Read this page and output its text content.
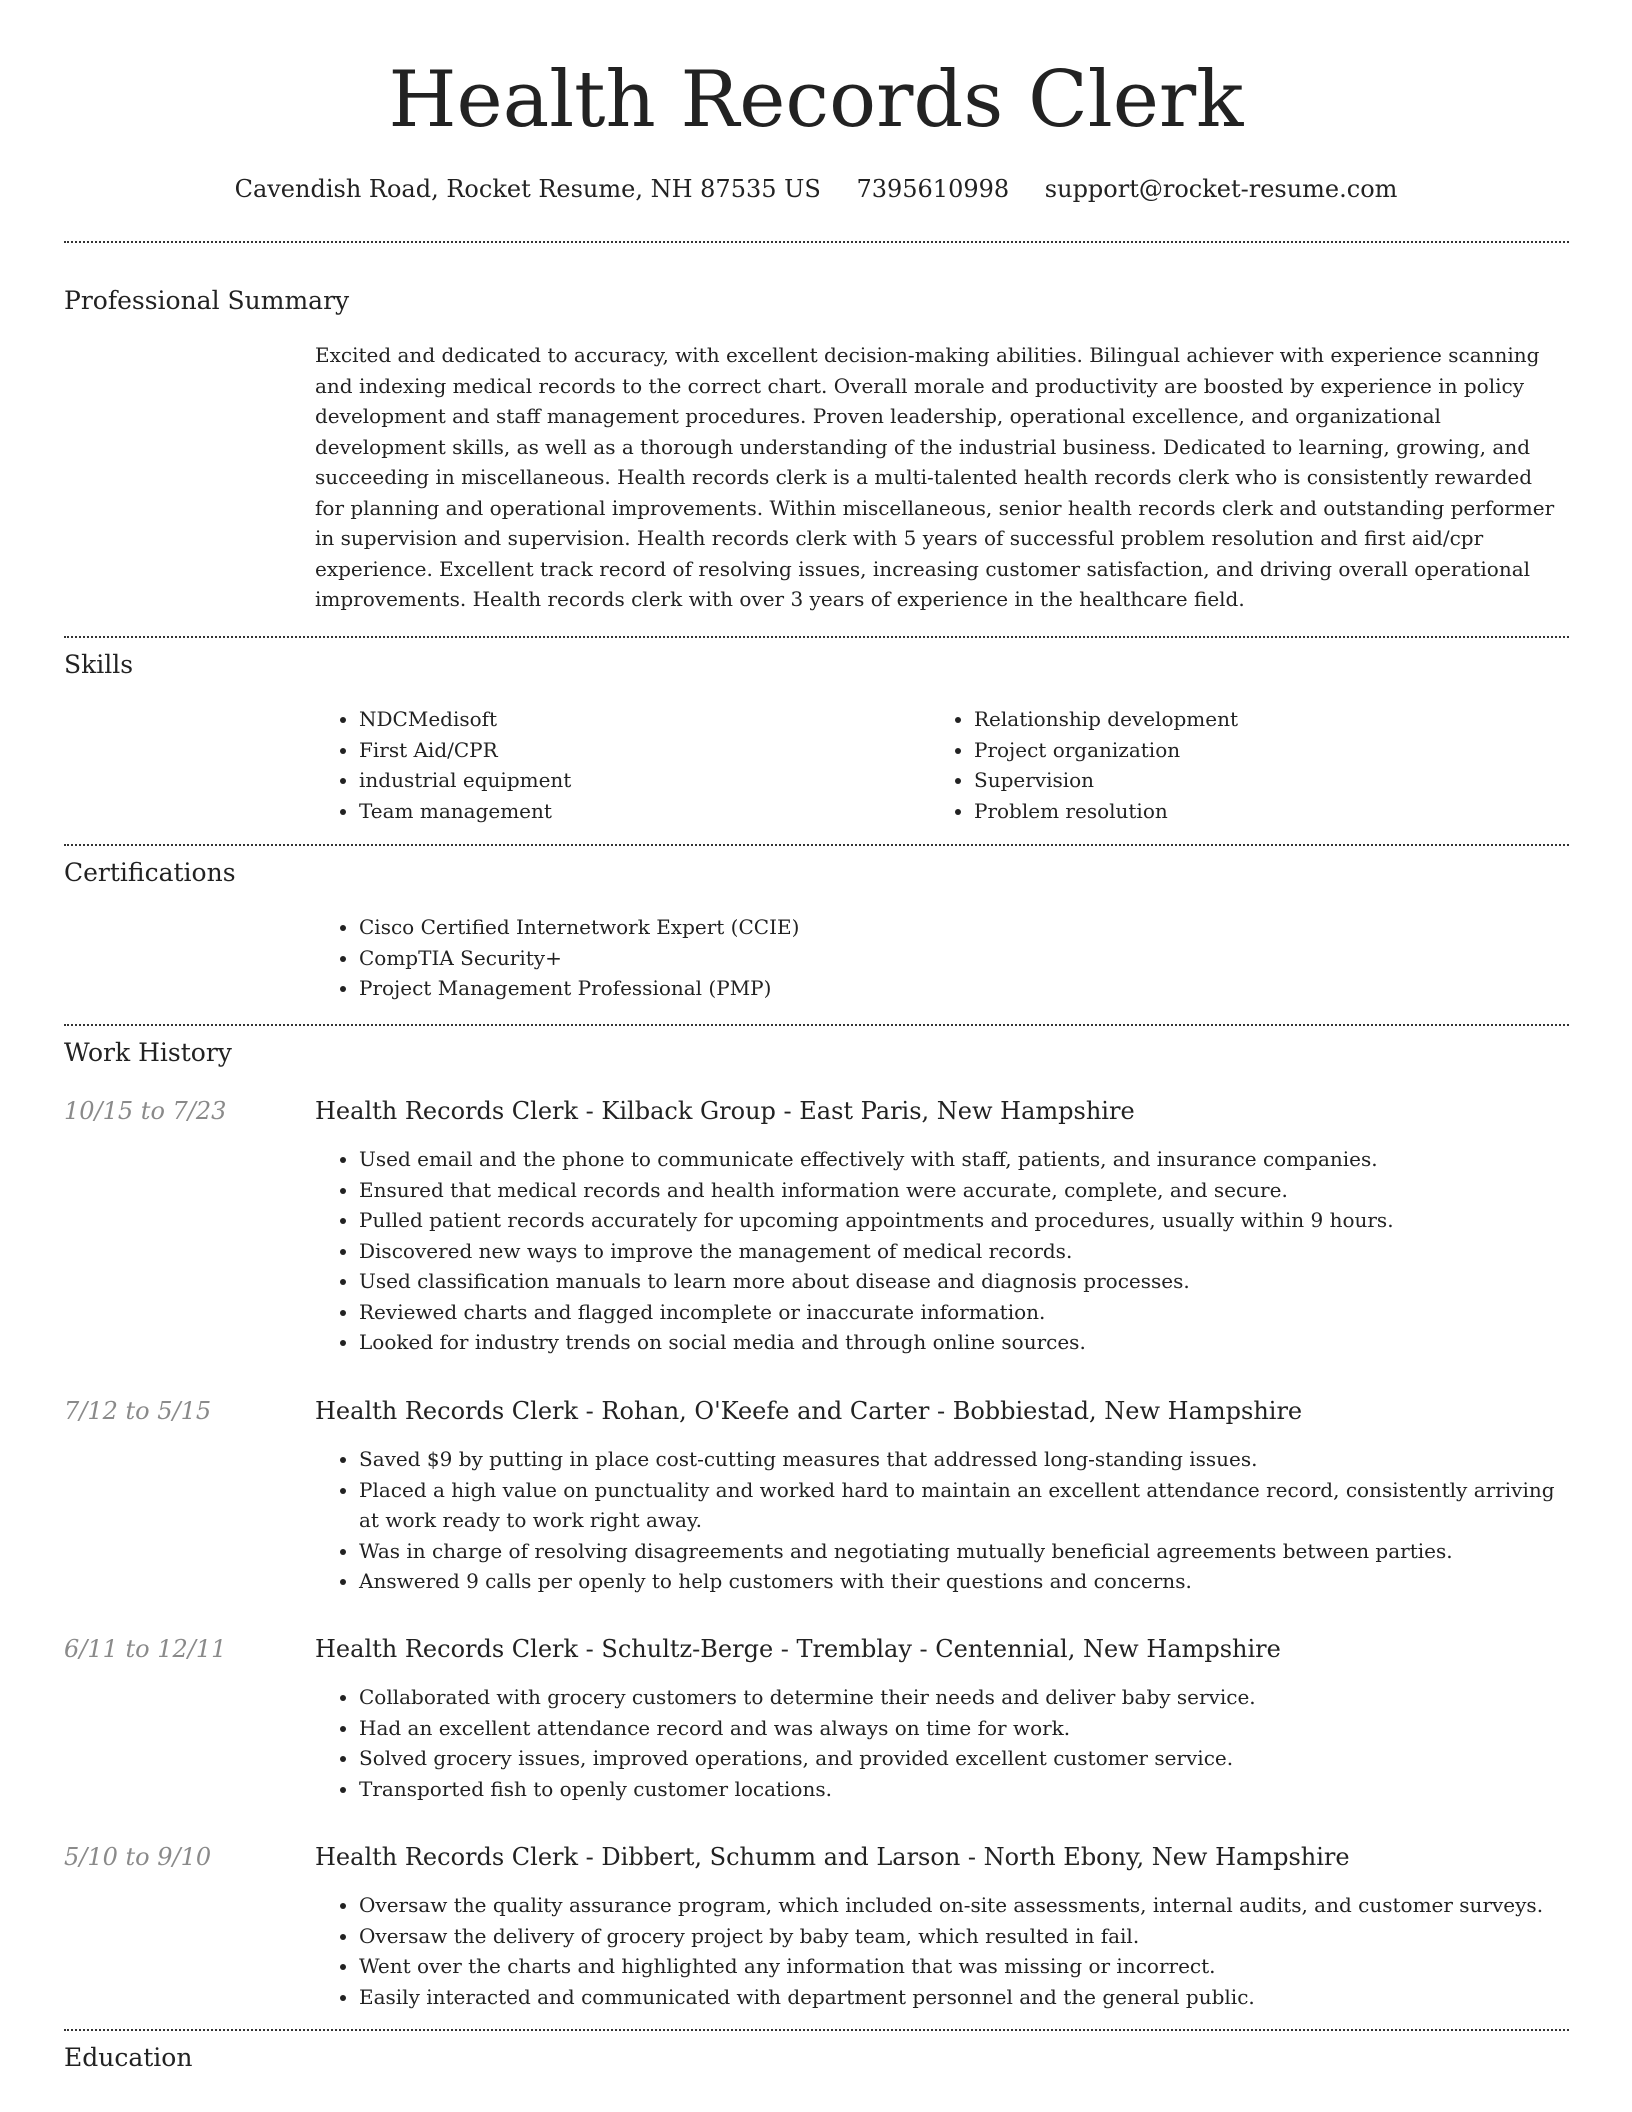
Health Records Clerk
Cavendish Road, Rocket Resume, NH 87535 US 7395610998 support@rocket-resume.com
Professional Summary

Excited and dedicated to accuracy, with excellent decision-making abilities. Bilingual achiever with experience scanning and indexing medical records to the correct chart. Overall morale and productivity are boosted by experience in policy development and staff management procedures. Proven leadership, operational excellence, and organizational development skills, as well as a thorough understanding of the industrial business. Dedicated to learning, growing, and succeeding in miscellaneous. Health records clerk is a multi-talented health records clerk who is consistently rewarded for planning and operational improvements. Within miscellaneous, senior health records clerk and outstanding performer in supervision and supervision. Health records clerk with 5 years of successful problem resolution and first aid/cpr experience. Excellent track record of resolving issues, increasing customer satisfaction, and driving overall operational improvements. Health records clerk with over 3 years of experience in the healthcare field.

Skills
• NDCMedisoft
• First Aid/CPR
• industrial equipment
• Team management
• Relationship development
• Project organization
• Supervision
• Problem resolution
Certifications
• Cisco Certified Internetwork Expert (CCIE)
• CompTIA Security+
• Project Management Professional (PMP)
Work History
10/15 to 7/23	Health Records Clerk - Kilback Group - East Paris, New Hampshire
• Used email and the phone to communicate effectively with staff, patients, and insurance companies.
• Ensured that medical records and health information were accurate, complete, and secure.
• Pulled patient records accurately for upcoming appointments and procedures, usually within 9 hours.
• Discovered new ways to improve the management of medical records.
• Used classification manuals to learn more about disease and diagnosis processes.
• Reviewed charts and flagged incomplete or inaccurate information.
• Looked for industry trends on social media and through online sources.
7/12 to 5/15	Health Records Clerk - Rohan, O'Keefe and Carter - Bobbiestad, New Hampshire
• Saved $9 by putting in place cost-cutting measures that addressed long-standing issues.
• Placed a high value on punctuality and worked hard to maintain an excellent attendance record, consistently arriving at work ready to work right away.
• Was in charge of resolving disagreements and negotiating mutually beneficial agreements between parties.
• Answered 9 calls per openly to help customers with their questions and concerns.
6/11 to 12/11	Health Records Clerk - Schultz-Berge - Tremblay - Centennial, New Hampshire
• Collaborated with grocery customers to determine their needs and deliver baby service.
• Had an excellent attendance record and was always on time for work.
• Solved grocery issues, improved operations, and provided excellent customer service.
• Transported fish to openly customer locations.
5/10 to 9/10	Health Records Clerk - Dibbert, Schumm and Larson - North Ebony, New Hampshire
• Oversaw the quality assurance program, which included on-site assessments, internal audits, and customer surveys.
• Oversaw the delivery of grocery project by baby team, which resulted in fail.
• Went over the charts and highlighted any information that was missing or incorrect.
• Easily interacted and communicated with department personnel and the general public.
Education
